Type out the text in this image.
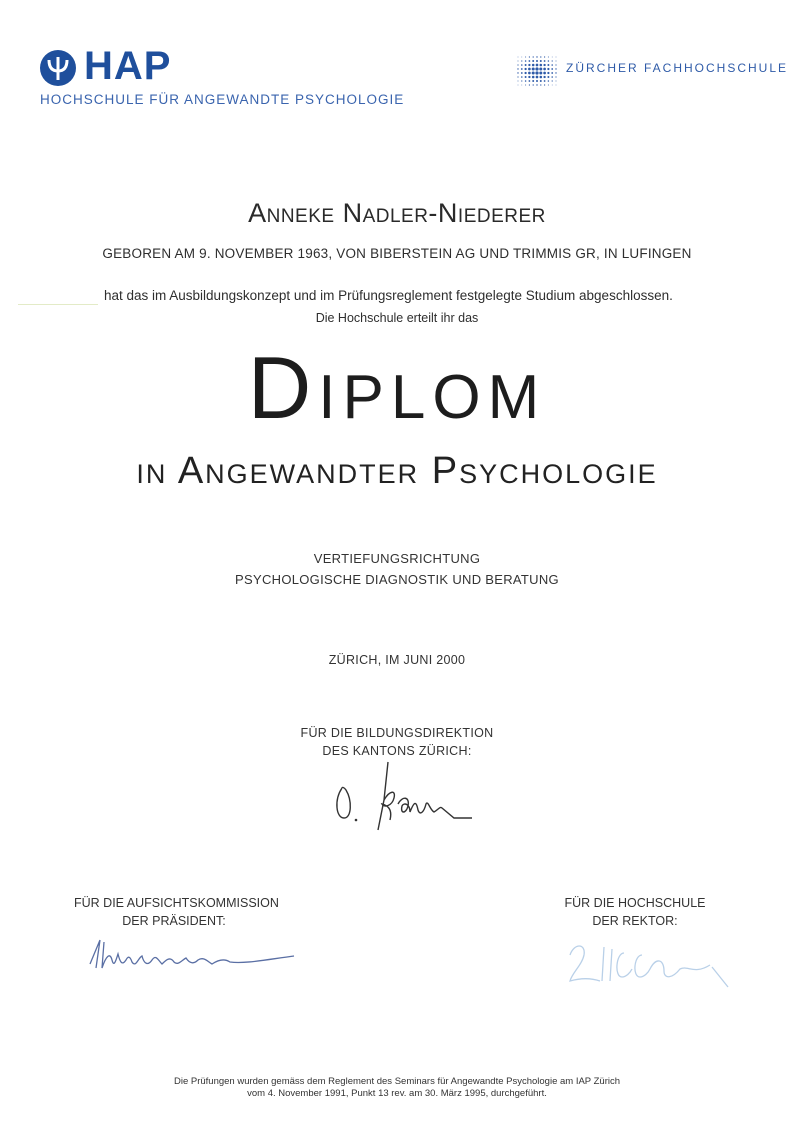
HAP
HOCHSCHULE FÜR ANGEWANDTE PSYCHOLOGIE
ZÜRCHER FACHHOCHSCHULE
Anneke Nadler-Niederer
GEBOREN AM 9. NOVEMBER 1963, VON BIBERSTEIN AG UND TRIMMIS GR, IN LUFINGEN
hat das im Ausbildungskonzept und im Prüfungsreglement festgelegte Studium abgeschlossen.
Die Hochschule erteilt ihr das
Diplom
in Angewandter Psychologie
VERTIEFUNGSRICHTUNG
PSYCHOLOGISCHE DIAGNOSTIK UND BERATUNG
ZÜRICH, IM JUNI 2000
FÜR DIE BILDUNGSDIREKTION
DES KANTONS ZÜRICH:
FÜR DIE AUFSICHTSKOMMISSION
DER PRÄSIDENT:
FÜR DIE HOCHSCHULE
DER REKTOR:
Die Prüfungen wurden gemäss dem Reglement des Seminars für Angewandte Psychologie am IAP Zürich
vom 4. November 1991, Punkt 13 rev. am 30. März 1995, durchgeführt.
